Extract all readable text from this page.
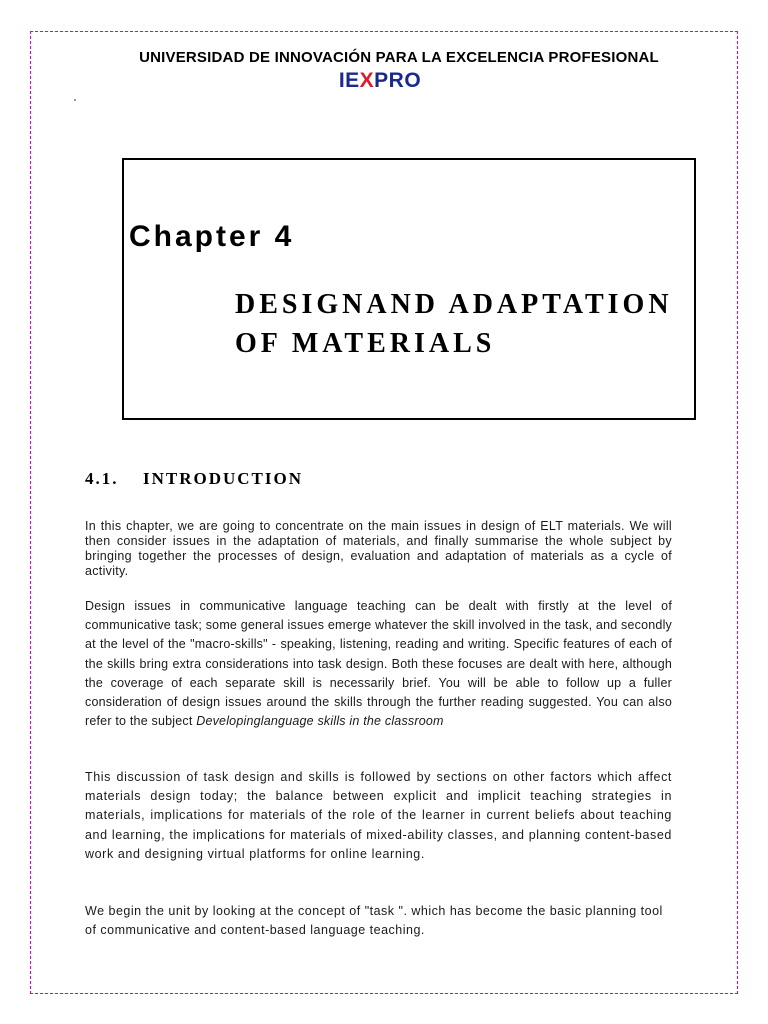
UNIVERSIDAD DE INNOVACIÓN PARA LA EXCELENCIA PROFESIONAL
IEXPRO
Chapter 4
DESIGNAND ADAPTATION
OF MATERIALS
4.1. INTRODUCTION

In this chapter, we are going to concentrate on the main issues in design of ELT materials. We will then consider issues in the adaptation of materials, and finally summarise the whole subject by bringing together the processes of design, evaluation and adaptation of materials as a cycle of activity.

Design issues in communicative language teaching can be dealt with firstly at the level of communicative task; some general issues emerge whatever the skill involved in the task, and secondly at the level of the "macro-skills" - speaking, listening, reading and writing. Specific features of each of the skills bring extra considerations into task design. Both these focuses are dealt with here, although the coverage of each separate skill is necessarily brief. You will be able to follow up a fuller consideration of design issues around the skills through the further reading suggested. You can also refer to the subject Developinglanguage skills in the classroom

This discussion of task design and skills is followed by sections on other factors which affect materials design today; the balance between explicit and implicit teaching strategies in materials, implications for materials of the role of the learner in current beliefs about teaching and learning, the implications for materials of mixed-ability classes, and planning content-based work and designing virtual platforms for online learning.

We begin the unit by looking at the concept of "task ". which has become the basic planning tool of communicative and content-based language teaching.
